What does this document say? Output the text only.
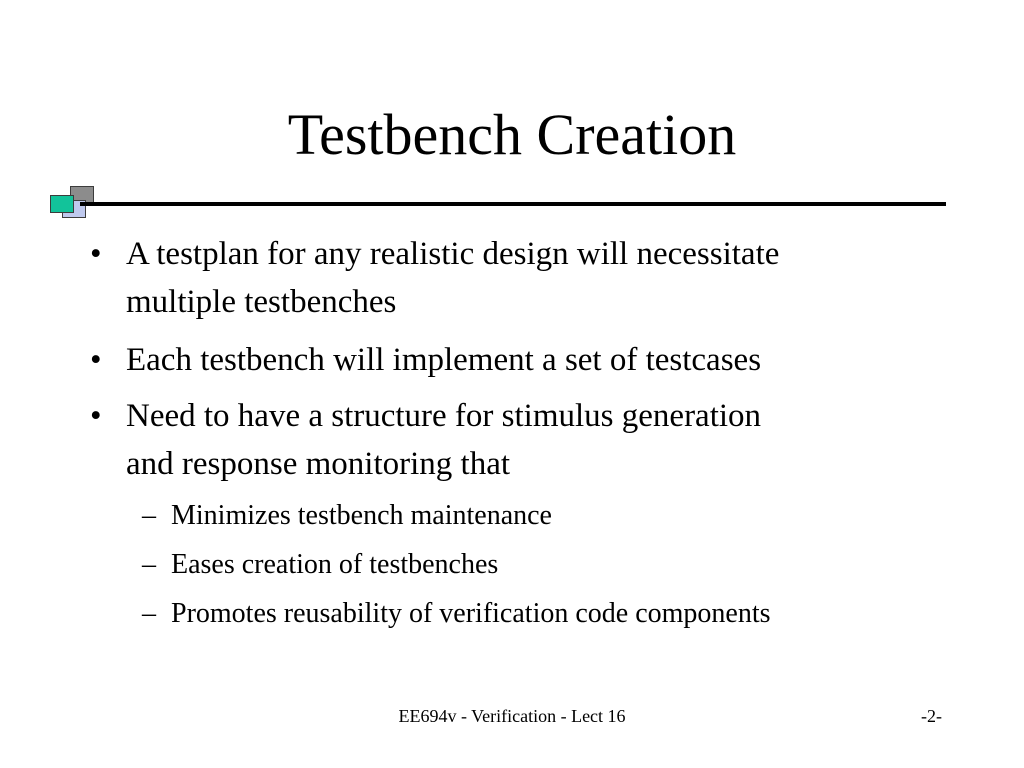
Testbench Creation
• A testplan for any realistic design will necessitate
multiple testbenches
• Each testbench will implement a set of testcases
• Need to have a structure for stimulus generation
and response monitoring that
– Minimizes testbench maintenance
– Eases creation of testbenches
– Promotes reusability of verification code components
EE694v - Verification - Lect 16	-2-
